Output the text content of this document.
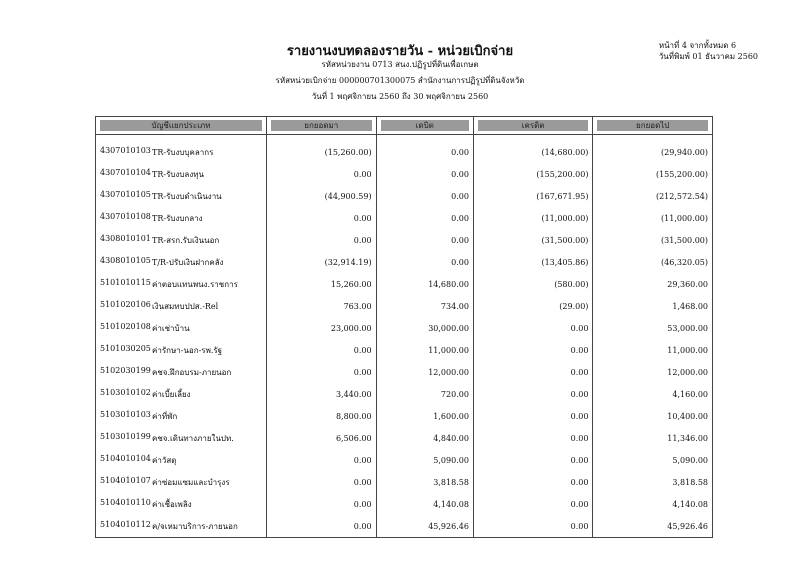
รายงานงบทดลองรายวัน - หน่วยเบิกจ่าย
รหัสหน่วยงาน 0713 สนง.ปฏิรูปที่ดินเพื่อเกษต
รหัสหน่วยเบิกจ่าย 000000701300075 สำนักงานการปฏิรูปที่ดินจังหวัด
วันที่ 1 พฤศจิกายน 2560 ถึง 30 พฤศจิกายน 2560
หน้าที่ 4 จากทั้งหมด 6
วันที่พิมพ์ 01 ธันวาคม 2560
บัญชีแยกประเภท	ยกยอดมา	เดบิต	เครดิต	ยกยอดไป

4307010103 TR-รับงบบุคลากร	(15,260.00)	0.00	(14,680.00)	(29,940.00)

4307010104 TR-รับงบลงทุน	0.00	0.00	(155,200.00)	(155,200.00)

4307010105 TR-รับงบดำเนินงาน	(44,900.59)	0.00	(167,671.95)	(212,572.54)

4307010108 TR-รับงบกลาง	0.00	0.00	(11,000.00)	(11,000.00)

4308010101 TR-สรก.รับเงินนอก	0.00	0.00	(31,500.00)	(31,500.00)

4308010105 T/R-ปรับเงินฝากคลัง	(32,914.19)	0.00	(13,405.86)	(46,320.05)

5101010115 ค่าตอบแทนพนง.ราชการ	15,260.00	14,680.00	(580.00)	29,360.00

5101020106 เงินสมทบปปส.-Rel	763.00	734.00	(29.00)	1,468.00

5101020108 ค่าเช่าบ้าน	23,000.00	30,000.00	0.00	53,000.00

5101030205 ค่ารักษา-นอก-รพ.รัฐ	0.00	11,000.00	0.00	11,000.00

5102030199 คชจ.ฝึกอบรม-ภายนอก	0.00	12,000.00	0.00	12,000.00

5103010102 ค่าเบี้ยเลี้ยง	3,440.00	720.00	0.00	4,160.00

5103010103 ค่าที่พัก	8,800.00	1,600.00	0.00	10,400.00

5103010199 คชจ.เดินทางภายในปท.	6,506.00	4,840.00	0.00	11,346.00

5104010104 ค่าวัสดุ	0.00	5,090.00	0.00	5,090.00

5104010107 ค่าซ่อมแซมและบำรุงร	0.00	3,818.58	0.00	3,818.58

5104010110 ค่าเชื้อเพลิง	0.00	4,140.08	0.00	4,140.08

5104010112 ค/จเหมาบริการ-ภายนอก	0.00	45,926.46	0.00	45,926.46
